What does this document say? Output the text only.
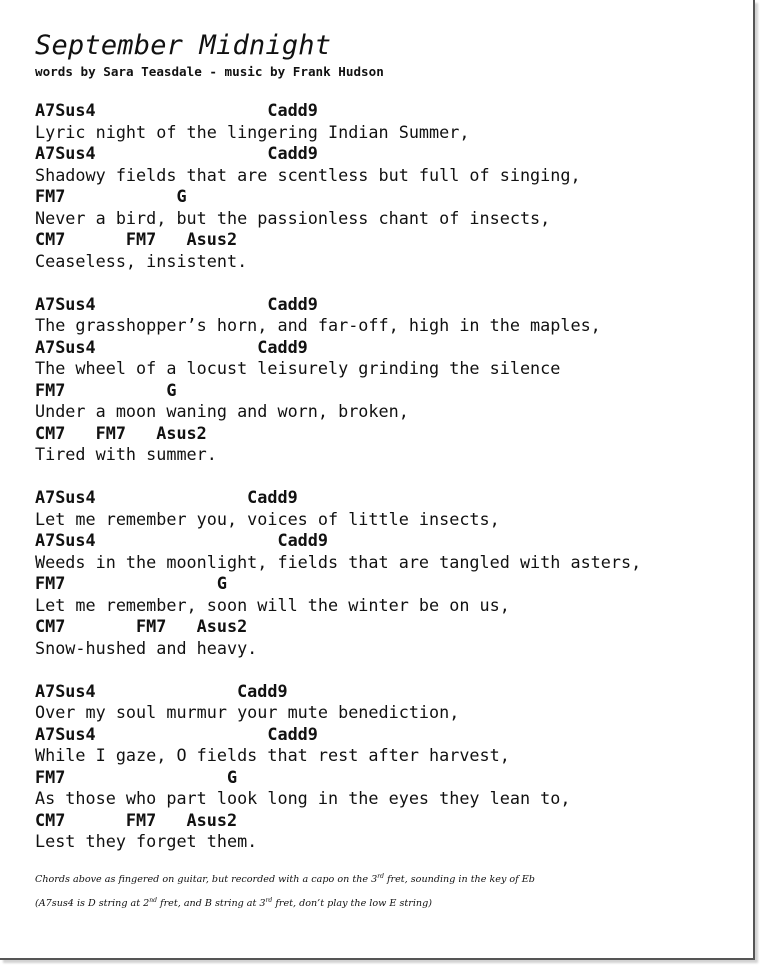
September Midnight
words by Sara Teasdale - music by Frank Hudson
A7Sus4                 Cadd9
Lyric night of the lingering Indian Summer,
A7Sus4                 Cadd9
Shadowy fields that are scentless but full of singing,
FM7           G
Never a bird, but the passionless chant of insects,
CM7      FM7   Asus2
Ceaseless, insistent.
A7Sus4                 Cadd9
The grasshopper’s horn, and far-off, high in the maples,
A7Sus4                Cadd9
The wheel of a locust leisurely grinding the silence
FM7          G
Under a moon waning and worn, broken,
CM7   FM7   Asus2
Tired with summer.
A7Sus4               Cadd9
Let me remember you, voices of little insects,
A7Sus4                  Cadd9
Weeds in the moonlight, fields that are tangled with asters,
FM7               G
Let me remember, soon will the winter be on us,
CM7       FM7   Asus2
Snow-hushed and heavy.
A7Sus4              Cadd9
Over my soul murmur your mute benediction,
A7Sus4                 Cadd9
While I gaze, O fields that rest after harvest,
FM7                G
As those who part look long in the eyes they lean to,
CM7      FM7   Asus2
Lest they forget them.
Chords above as fingered on guitar, but recorded with a capo on the 3rd fret, sounding in the key of Eb
(A7sus4 is D string at 2nd fret, and B string at 3rd fret, don’t play the low E string)
